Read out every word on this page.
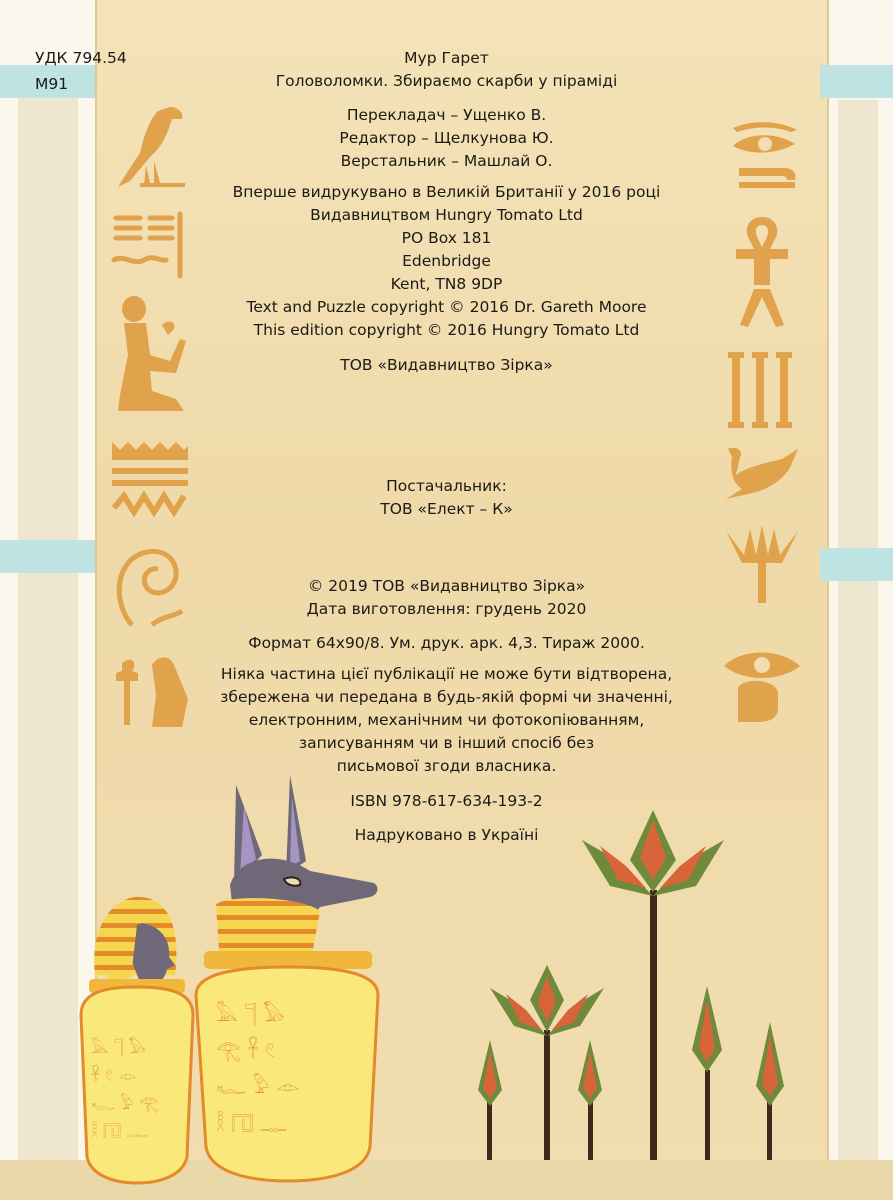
УДК 794.54
М91
Мур Гарет
Головоломки. Збираємо скарби у піраміді
Перекладач – Ущенко В.
Редактор – Щелкунова Ю.
Верстальник – Машлай О.
Вперше видрукувано в Великій Британії у 2016 році
Видавництвом Hungry Tomato Ltd
PO Box 181
Edenbridge
Kent, TN8 9DP
Text and Puzzle copyright © 2016 Dr. Gareth Moore
This edition copyright © 2016 Hungry Tomato Ltd
ТОВ «Видавництво Зірка»
Постачальник:
ТОВ «Елект – К»
© 2019 ТОВ «Видавництво Зірка»
Дата виготовлення: грудень 2020
Формат 64х90/8. Ум. друк. арк. 4,3. Тираж 2000.
Ніяка частина цієї публікації не може бути відтворена,
збережена чи передана в будь-якій формі чи значенні,
електронним, механічним чи фотокопіюванням,
записуванням чи в інший спосіб без
письмової згоди власника.
ISBN 978-617-634-193-2
Надруковано в Україні
𓅓 𓊹 𓅃
𓋹 𓏲 𓁹
𓆑 𓅱 𓂀
𓎛 𓉔 𓊃
𓅓 𓊹 𓅃
𓂀 𓋹 𓏲
𓆑 𓅱 𓁹
𓎛 𓉔 𓊃
